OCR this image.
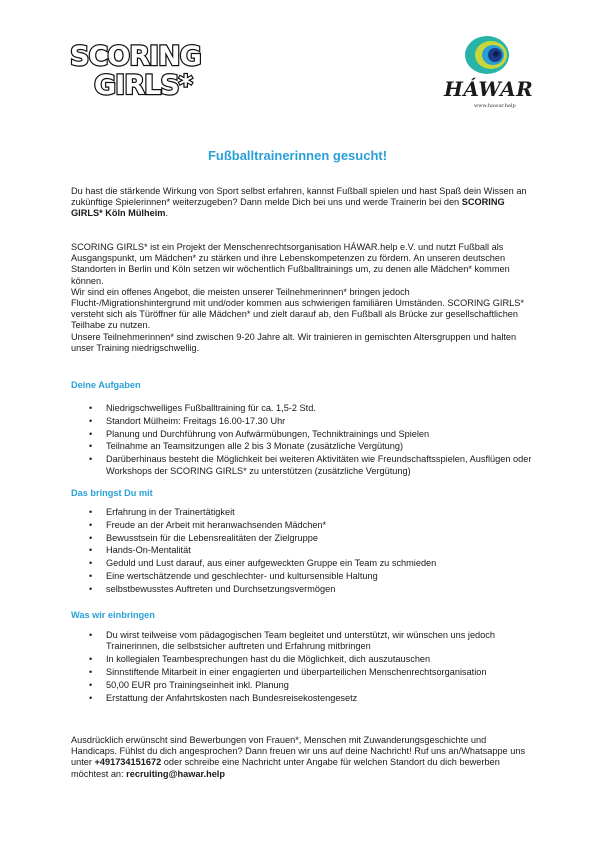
SCORING
GIRLS*	HÁWAR
www.hawar.help
Fußballtrainerinnen gesucht!

Du hast die stärkende Wirkung von Sport selbst erfahren, kannst Fußball spielen und hast Spaß dein Wissen an zukünftige Spielerinnen* weiterzugeben? Dann melde Dich bei uns und werde Trainerin bei den SCORING GIRLS* Köln Mülheim.

SCORING GIRLS* ist ein Projekt der Menschenrechtsorganisation HÁWAR.help e.V. und nutzt Fußball als Ausgangspunkt, um Mädchen* zu stärken und ihre Lebenskompetenzen zu fördern. An unseren deutschen Standorten in Berlin und Köln setzen wir wöchentlich Fußballtrainings um, zu denen alle Mädchen* kommen können.

Wir sind ein offenes Angebot, die meisten unserer Teilnehmerinnen* bringen jedoch Flucht-/Migrationshintergrund mit und/oder kommen aus schwierigen familiären Umständen. SCORING GIRLS* versteht sich als Türöffner für alle Mädchen* und zielt darauf ab, den Fußball als Brücke zur gesellschaftlichen Teilhabe zu nutzen.

Unsere Teilnehmerinnen* sind zwischen 9-20 Jahre alt. Wir trainieren in gemischten Altersgruppen und halten unser Training niedrigschwellig.

Deine Aufgaben
• Niedrigschwelliges Fußballtraining für ca. 1,5-2 Std.
• Standort Mülheim: Freitags 16.00-17.30 Uhr
• Planung und Durchführung von Aufwärmübungen, Techniktrainings und Spielen
• Teilnahme an Teamsitzungen alle 2 bis 3 Monate (zusätzliche Vergütung)
• Darüberhinaus besteht die Möglichkeit bei weiteren Aktivitäten wie Freundschaftsspielen, Ausflügen oder Workshops der SCORING GIRLS* zu unterstützen (zusätzliche Vergütung)
Das bringst Du mit
• Erfahrung in der Trainertätigkeit
• Freude an der Arbeit mit heranwachsenden Mädchen*
• Bewusstsein für die Lebensrealitäten der Zielgruppe
• Hands-On-Mentalität
• Geduld und Lust darauf, aus einer aufgeweckten Gruppe ein Team zu schmieden
• Eine wertschätzende und geschlechter- und kultursensible Haltung
• selbstbewusstes Auftreten und Durchsetzungsvermögen
Was wir einbringen
• Du wirst teilweise vom pädagogischen Team begleitet und unterstützt, wir wünschen uns jedoch Trainerinnen, die selbstsicher auftreten und Erfahrung mitbringen
• In kollegialen Teambesprechungen hast du die Möglichkeit, dich auszutauschen
• Sinnstiftende Mitarbeit in einer engagierten und überparteilichen Menschenrechtsorganisation
• 50,00 EUR pro Trainingseinheit inkl. Planung
• Erstattung der Anfahrtskosten nach Bundesreisekostengesetz

Ausdrücklich erwünscht sind Bewerbungen von Frauen*, Menschen mit Zuwanderungsgeschichte und Handicaps. Fühlst du dich angesprochen? Dann freuen wir uns auf deine Nachricht! Ruf uns an/Whatsappe uns unter +491734151672 oder schreibe eine Nachricht unter Angabe für welchen Standort du dich bewerben möchtest an: recruiting@hawar.help
